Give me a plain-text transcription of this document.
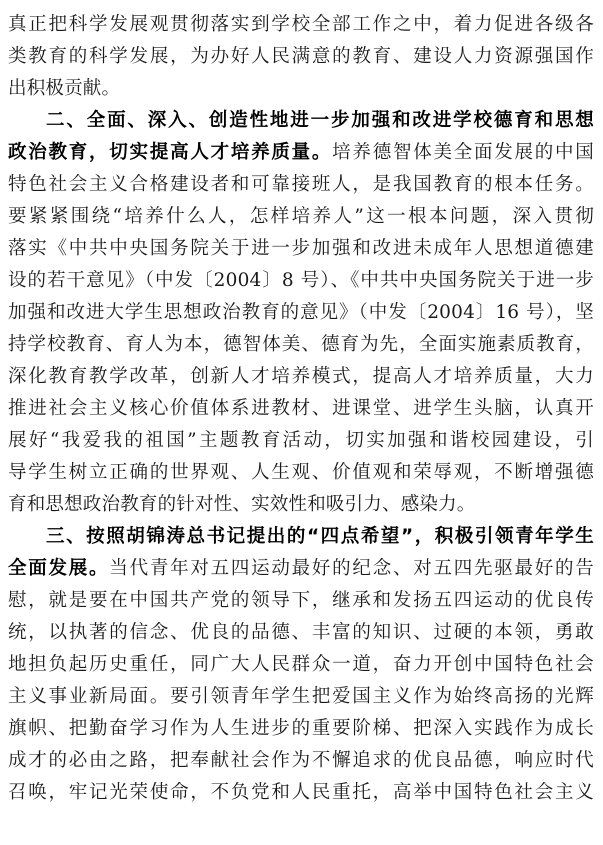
真正把科学发展观贯彻落实到学校全部工作之中，着力促进各级各
类教育的科学发展，为办好人民满意的教育、建设人力资源强国作
出积极贡献。
二、全面、深入、创造性地进一步加强和改进学校德育和思想
政治教育，切实提高人才培养质量。培养德智体美全面发展的中国
特色社会主义合格建设者和可靠接班人，是我国教育的根本任务。
要紧紧围绕“培养什么人，怎样培养人”这一根本问题，深入贯彻
落实《中共中央国务院关于进一步加强和改进未成年人思想道德建
设的若干意见》（中发〔2004〕8 号）、《中共中央国务院关于进一步
加强和改进大学生思想政治教育的意见》（中发〔2004〕16 号），坚
持学校教育、育人为本，德智体美、德育为先，全面实施素质教育，
深化教育教学改革，创新人才培养模式，提高人才培养质量，大力
推进社会主义核心价值体系进教材、进课堂、进学生头脑，认真开
展好“我爱我的祖国”主题教育活动，切实加强和谐校园建设，引
导学生树立正确的世界观、人生观、价值观和荣辱观，不断增强德
育和思想政治教育的针对性、实效性和吸引力、感染力。
三、按照胡锦涛总书记提出的“四点希望”，积极引领青年学生
全面发展。当代青年对五四运动最好的纪念、对五四先驱最好的告
慰，就是要在中国共产党的领导下，继承和发扬五四运动的优良传
统，以执著的信念、优良的品德、丰富的知识、过硬的本领，勇敢
地担负起历史重任，同广大人民群众一道，奋力开创中国特色社会
主义事业新局面。要引领青年学生把爱国主义作为始终高扬的光辉
旗帜、把勤奋学习作为人生进步的重要阶梯、把深入实践作为成长
成才的必由之路，把奉献社会作为不懈追求的优良品德，响应时代
召唤，牢记光荣使命，不负党和人民重托，高举中国特色社会主义
